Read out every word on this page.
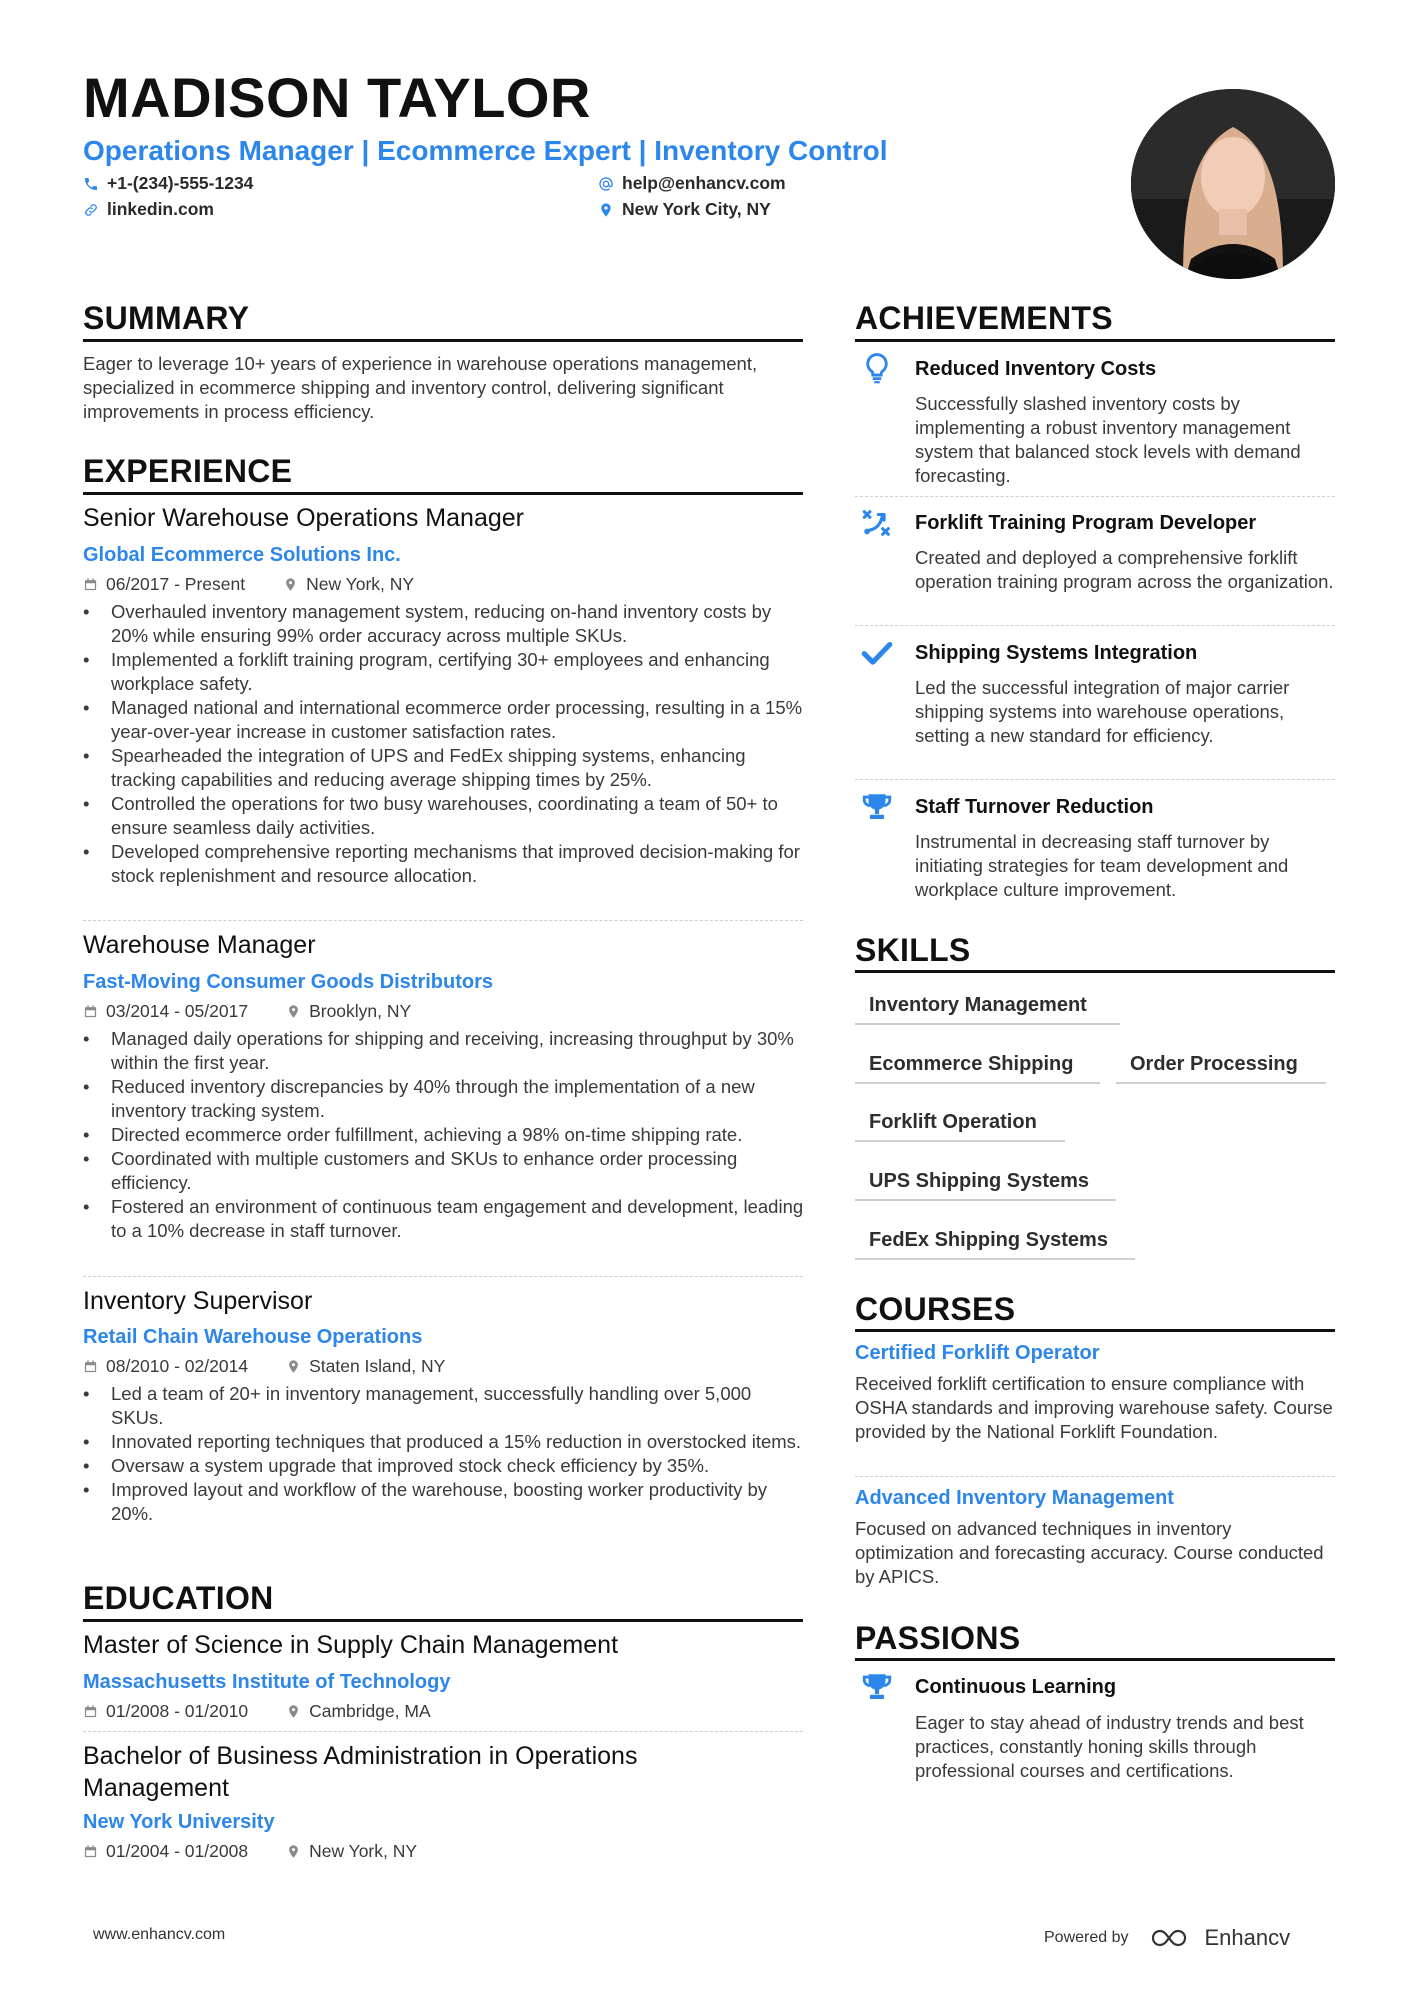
MADISON TAYLOR
Operations Manager | Ecommerce Expert | Inventory Control
+1-(234)-555-1234	help@enhancv.com
linkedin.com	New York City, NY
SUMMARY
Eager to leverage 10+ years of experience in warehouse operations management, specialized in ecommerce shipping and inventory control, delivering significant improvements in process efficiency.
EXPERIENCE
Senior Warehouse Operations Manager
Global Ecommerce Solutions Inc.
06/2017 - Present	New York, NY
• Overhauled inventory management system, reducing on-hand inventory costs by 20% while ensuring 99% order accuracy across multiple SKUs.
• Implemented a forklift training program, certifying 30+ employees and enhancing workplace safety.
• Managed national and international ecommerce order processing, resulting in a 15% year-over-year increase in customer satisfaction rates.
• Spearheaded the integration of UPS and FedEx shipping systems, enhancing tracking capabilities and reducing average shipping times by 25%.
• Controlled the operations for two busy warehouses, coordinating a team of 50+ to ensure seamless daily activities.
• Developed comprehensive reporting mechanisms that improved decision-making for stock replenishment and resource allocation.
Warehouse Manager
Fast-Moving Consumer Goods Distributors
03/2014 - 05/2017	Brooklyn, NY
• Managed daily operations for shipping and receiving, increasing throughput by 30% within the first year.
• Reduced inventory discrepancies by 40% through the implementation of a new inventory tracking system.
• Directed ecommerce order fulfillment, achieving a 98% on-time shipping rate.
• Coordinated with multiple customers and SKUs to enhance order processing efficiency.
• Fostered an environment of continuous team engagement and development, leading to a 10% decrease in staff turnover.
Inventory Supervisor
Retail Chain Warehouse Operations
08/2010 - 02/2014	Staten Island, NY
• Led a team of 20+ in inventory management, successfully handling over 5,000 SKUs.
• Innovated reporting techniques that produced a 15% reduction in overstocked items.
• Oversaw a system upgrade that improved stock check efficiency by 35%.
• Improved layout and workflow of the warehouse, boosting worker productivity by 20%.
EDUCATION
Master of Science in Supply Chain Management
Massachusetts Institute of Technology
01/2008 - 01/2010	Cambridge, MA
Bachelor of Business Administration in Operations Management
New York University
01/2004 - 01/2008	New York, NY
ACHIEVEMENTS
Reduced Inventory Costs
Successfully slashed inventory costs by implementing a robust inventory management system that balanced stock levels with demand forecasting.
Forklift Training Program Developer
Created and deployed a comprehensive forklift operation training program across the organization.
Shipping Systems Integration
Led the successful integration of major carrier shipping systems into warehouse operations, setting a new standard for efficiency.
Staff Turnover Reduction
Instrumental in decreasing staff turnover by initiating strategies for team development and workplace culture improvement.
SKILLS
Inventory Management
Ecommerce Shipping	Order Processing
Forklift Operation
UPS Shipping Systems
FedEx Shipping Systems
COURSES
Certified Forklift Operator
Received forklift certification to ensure compliance with OSHA standards and improving warehouse safety. Course provided by the National Forklift Foundation.
Advanced Inventory Management
Focused on advanced techniques in inventory optimization and forecasting accuracy. Course conducted by APICS.
PASSIONS
Continuous Learning
Eager to stay ahead of industry trends and best practices, constantly honing skills through professional courses and certifications.
www.enhancv.com	Powered by	Enhancv
